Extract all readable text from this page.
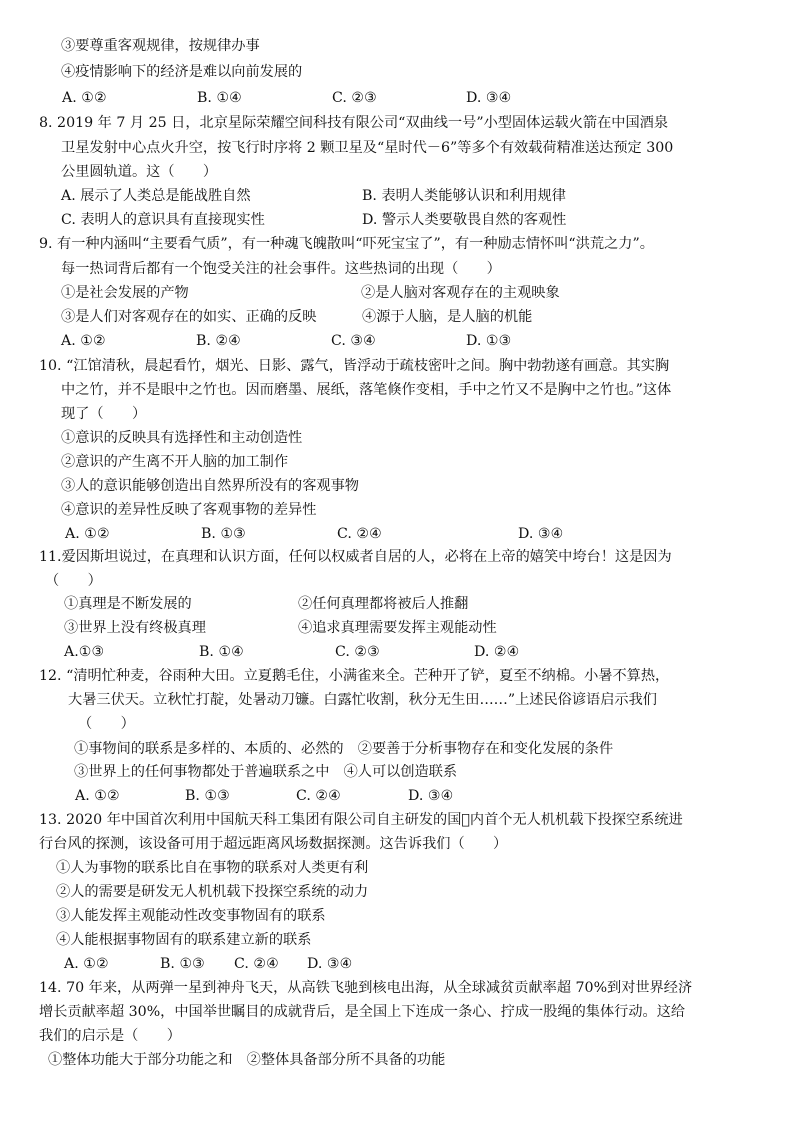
③要尊重客观规律，按规律办事
④疫情影响下的经济是难以向前发展的
A. ①②	B. ①④	C. ②③	D. ③④
8. 2019 年 7 月 25 日，北京星际荣耀空间科技有限公司“双曲线一号”小型固体运载火箭在中国酒泉
卫星发射中心点火升空，按飞行时序将 2 颗卫星及“星时代－6”等多个有效载荷精准送达预定 300
公里圆轨道。这（　　）
A. 展示了人类总是能战胜自然	B. 表明人类能够认识和利用规律
C. 表明人的意识具有直接现实性	D. 警示人类要敬畏自然的客观性
9. 有一种内涵叫“主要看气质”，有一种魂飞魄散叫“吓死宝宝了”，有一种励志情怀叫“洪荒之力”。
每一热词背后都有一个饱受关注的社会事件。这些热词的出现（　　）
①是社会发展的产物	②是人脑对客观存在的主观映象
③是人们对客观存在的如实、正确的反映	④源于人脑，是人脑的机能
A. ①②	B. ②④	C. ③④	D. ①③
10. “江馆清秋，晨起看竹，烟光、日影、露气，皆浮动于疏枝密叶之间。胸中勃勃遂有画意。其实胸
中之竹，并不是眼中之竹也。因而磨墨、展纸，落笔倏作变相，手中之竹又不是胸中之竹也。”这体
现了（　　）
①意识的反映具有选择性和主动创造性
②意识的产生离不开人脑的加工制作
③人的意识能够创造出自然界所没有的客观事物
④意识的差异性反映了客观事物的差异性
A. ①②	B. ①③	C. ②④	D. ③④
11.爱因斯坦说过，在真理和认识方面，任何以权威者自居的人，必将在上帝的嬉笑中垮台！这是因为
（　　）
①真理是不断发展的	②任何真理都将被后人推翻
③世界上没有终极真理	④追求真理需要发挥主观能动性
A.①③	B. ①④	C. ②③	D. ②④
12. “清明忙种麦，谷雨种大田。立夏鹅毛住，小满雀来全。芒种开了铲，夏至不纳棉。小暑不算热，
大暑三伏天。立秋忙打靛，处暑动刀镰。白露忙收割，秋分无生田……”上述民俗谚语启示我们
（　　）
①事物间的联系是多样的、本质的、必然的　②要善于分析事物存在和变化发展的条件
③世界上的任何事物都处于普遍联系之中　④人可以创造联系
A. ①②	B. ①③	C. ②④	D. ③④
13. 2020 年中国首次利用中国航天科工集团有限公司自主研发的国 内首个无人机机载下投探空系统进
行台风的探测，该设备可用于超远距离风场数据探测。这告诉我们（　　）
①人为事物的联系比自在事物的联系对人类更有利
②人的需要是研发无人机机载下投探空系统的动力
③人能发挥主观能动性改变事物固有的联系
④人能根据事物固有的联系建立新的联系
A. ①②	B. ①③ C. ②④ D. ③④
14. 70 年来，从两弹一星到神舟飞天，从高铁飞驰到核电出海，从全球减贫贡献率超 70%到对世界经济
增长贡献率超 30%，中国举世瞩目的成就背后，是全国上下连成一条心、拧成一股绳的集体行动。这给
我们的启示是（　　）
①整体功能大于部分功能之和　②整体具备部分所不具备的功能
